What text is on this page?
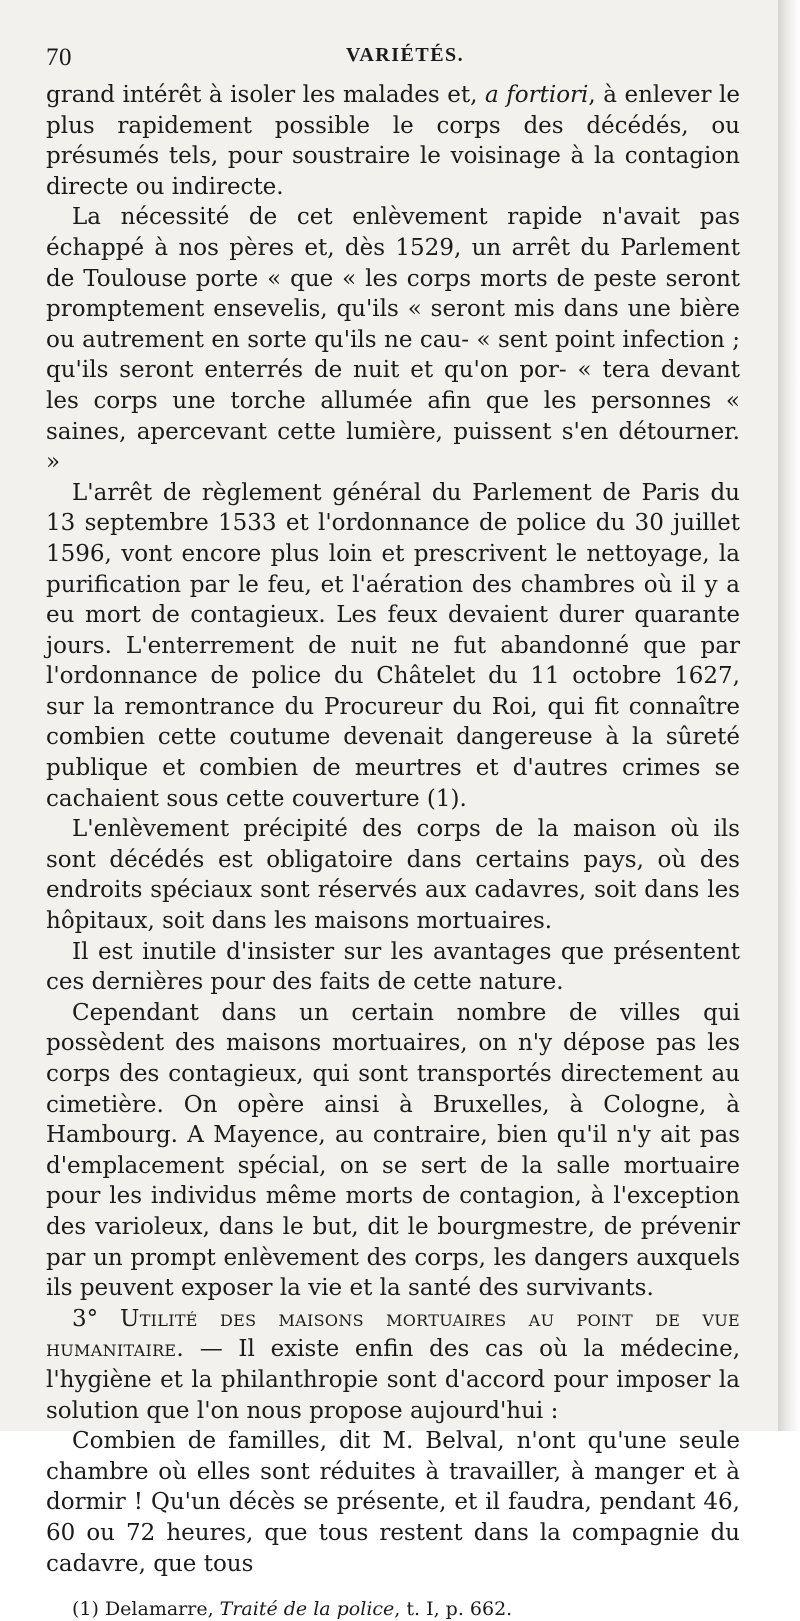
70	VARIÉTÉS.

grand intérêt à isoler les malades et, a fortiori, à enlever le plus rapidement possible le corps des décédés, ou présumés tels, pour soustraire le voisinage à la contagion directe ou indirecte.

La nécessité de cet enlèvement rapide n'avait pas échappé à nos pères et, dès 1529, un arrêt du Parlement de Toulouse porte « que « les corps morts de peste seront promptement ensevelis, qu'ils « seront mis dans une bière ou autrement en sorte qu'ils ne cau- « sent point infection ; qu'ils seront enterrés de nuit et qu'on por- « tera devant les corps une torche allumée afin que les personnes « saines, apercevant cette lumière, puissent s'en détourner. »

L'arrêt de règlement général du Parlement de Paris du 13 septembre 1533 et l'ordonnance de police du 30 juillet 1596, vont encore plus loin et prescrivent le nettoyage, la purification par le feu, et l'aération des chambres où il y a eu mort de contagieux. Les feux devaient durer quarante jours. L'enterrement de nuit ne fut abandonné que par l'ordonnance de police du Châtelet du 11 octobre 1627, sur la remontrance du Procureur du Roi, qui fit connaître combien cette coutume devenait dangereuse à la sûreté publique et combien de meurtres et d'autres crimes se cachaient sous cette couverture (1).

L'enlèvement précipité des corps de la maison où ils sont décédés est obligatoire dans certains pays, où des endroits spéciaux sont réservés aux cadavres, soit dans les hôpitaux, soit dans les maisons mortuaires.

Il est inutile d'insister sur les avantages que présentent ces dernières pour des faits de cette nature.

Cependant dans un certain nombre de villes qui possèdent des maisons mortuaires, on n'y dépose pas les corps des contagieux, qui sont transportés directement au cimetière. On opère ainsi à Bruxelles, à Cologne, à Hambourg. A Mayence, au contraire, bien qu'il n'y ait pas d'emplacement spécial, on se sert de la salle mortuaire pour les individus même morts de contagion, à l'exception des varioleux, dans le but, dit le bourgmestre, de prévenir par un prompt enlèvement des corps, les dangers auxquels ils peuvent exposer la vie et la santé des survivants.

3° Utilité des maisons mortuaires au point de vue humanitaire. — Il existe enfin des cas où la médecine, l'hygiène et la philanthropie sont d'accord pour imposer la solution que l'on nous propose aujourd'hui :

Combien de familles, dit M. Belval, n'ont qu'une seule chambre où elles sont réduites à travailler, à manger et à dormir ! Qu'un décès se présente, et il faudra, pendant 46, 60 ou 72 heures, que tous restent dans la compagnie du cadavre, que tous

(1) Delamarre, Traité de la police, t. I, p. 662.
